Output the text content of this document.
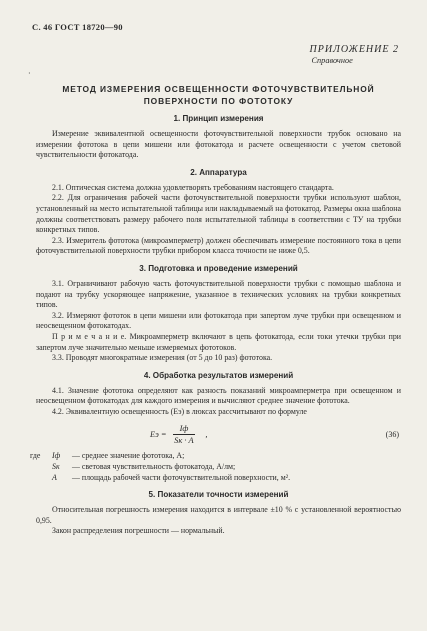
С. 46 ГОСТ 18720—90
ПРИЛОЖЕНИЕ 2
Справочное
·
МЕТОД ИЗМЕРЕНИЯ ОСВЕЩЕННОСТИ ФОТОЧУВСТВИТЕЛЬНОЙ
ПОВЕРХНОСТИ ПО ФОТОТОКУ
1. Принцип измерения

Измерение эквивалентной освещенности фоточувствительной поверхности трубок основано на измерении фототока в цепи мишени или фотокатода и расчете освещенности с учетом световой чувствительности фотокатода.

2. Аппаратура

2.1. Оптическая система должна удовлетворять требованиям настоящего стандарта.

2.2. Для ограничения рабочей части фоточувствительной поверхности трубки используют шаблон, установленный на место испытательной таблицы или накладываемый на фотокатод. Размеры окна шаблона должны соответствовать размеру рабочего поля испытательной таблицы в соответствии с ТУ на трубки конкретных типов.

2.3. Измеритель фототока (микроамперметр) должен обеспечивать измерение постоянного тока в цепи фоточувствительной поверхности трубки прибором класса точности не ниже 0,5.

3. Подготовка и проведение измерений

3.1. Ограничивают рабочую часть фоточувствительной поверхности трубки с помощью шаблона и подают на трубку ускоряющее напряжение, указанное в технических условиях на трубки конкретных типов.

3.2. Измеряют фототок в цепи мишени или фотокатода при запертом луче трубки при освещенном и неосвещенном фотокатодах.

П р и м е ч а н и е. Микроамперметр включают в цепь фотокатода, если токи утечки трубки при запертом луче значительно меньше измеряемых фототоков.

3.3. Проводят многократные измерения (от 5 до 10 раз) фототока.

4. Обработка результатов измерений

4.1. Значение фототока определяют как разность показаний микроамперметра при освещенном и неосвещенном фотокатодах для каждого измерения и вычисляют среднее значение фототока.

4.2. Эквивалентную освещенность (Eэ) в люксах рассчитывают по формуле

Eэ = $\frac{Iф}{Sк \cdot A}$ ,	(36)
где	Iф	— среднее значение фототока, А;
Sк	— световая чувствительность фотокатода, А/лм;
A	— площадь рабочей части фоточувствительной поверхности, м².
5. Показатели точности измерений

Относительная погрешность измерения находится в интервале ±10 % с установленной вероятностью 0,95.

Закон распределения погрешности — нормальный.
